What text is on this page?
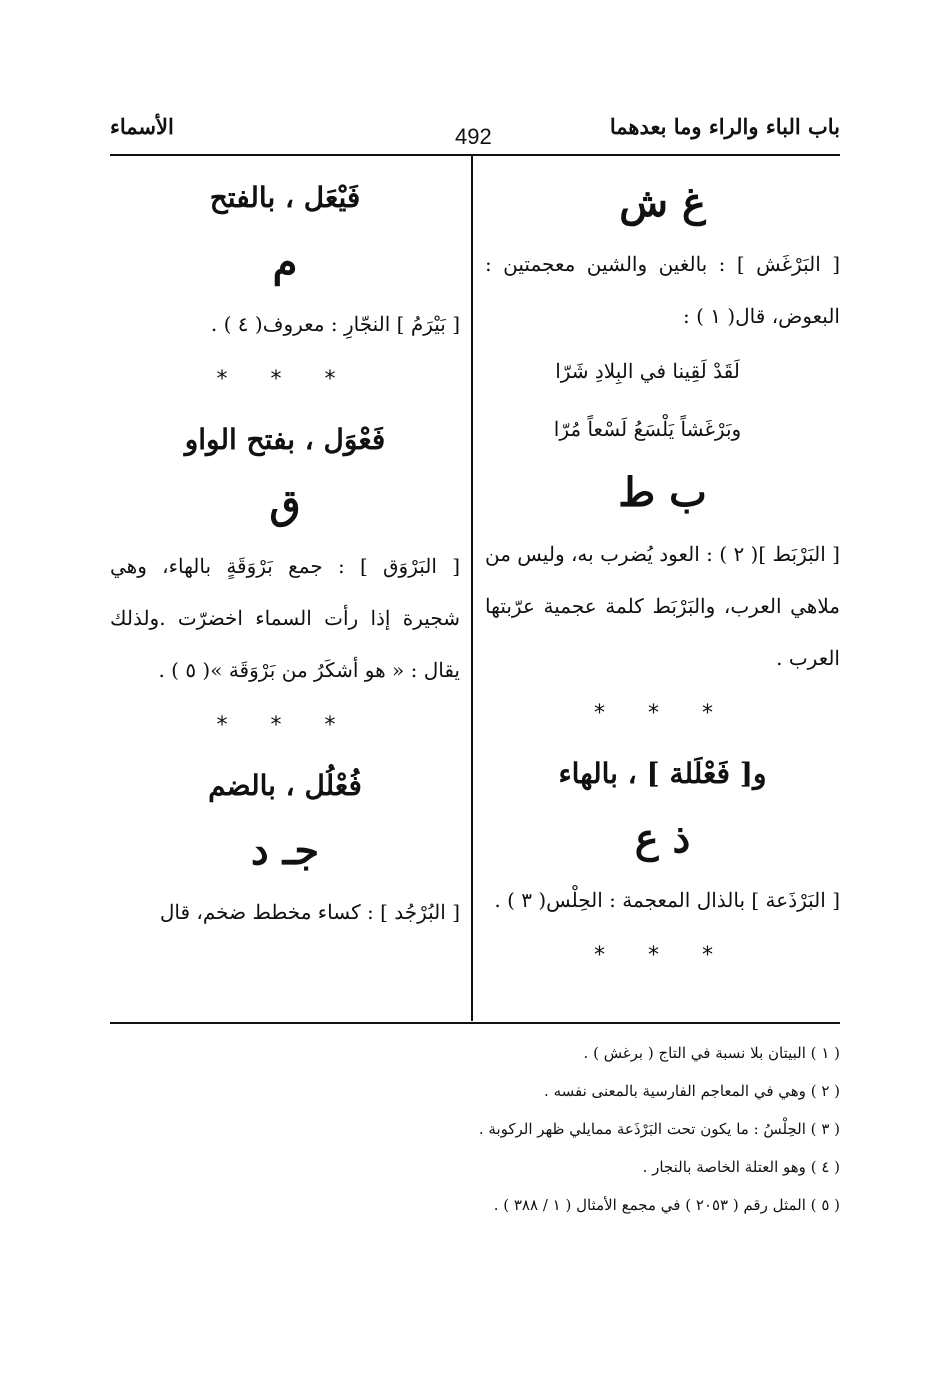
باب الباء والراء وما بعدهما
492
الأسماء
غ ش

[ البَرْغَش ] : بالغين والشين معجمتين : البعوض، قال( ١ ) :

لَقَدْ لَقِينا في البِلادِ شَرّا
وبَرْغَشاً يَلْسَعُ لَسْعاً مُرّا
ب ط

[ البَرْبَط ]( ٢ ) : العود يُضرب به، وليس من ملاهي العرب، والبَرْبَط كلمة عجمية عرّبتها العرب .

* * *
و[ فَعْلَلة ] ، بالهاء
ذ ع

[ البَرْذَعة ] بالذال المعجمة : الحِلْس( ٣ ) .

* * *
فَيْعَل ، بالفتح
م

[ بَيْرَمُ ] النجّارِ : معروف( ٤ ) .

* * *
فَعْوَل ، بفتح الواو
ق

[ البَرْوَق ] : جمع بَرْوَقَةٍ بالهاء، وهي شجيرة إذا رأت السماء اخضرّت .ولذلك يقال : « هو أشكَرُ من بَرْوَقَة »( ٥ ) .

* * *
فُعْلُل ، بالضم
جـ د

[ البُرْجُد ] : كساء مخطط ضخم، قال

( ١ ) البيتان بلا نسبة في التاج ( برغش ) .
( ٢ ) وهي في المعاجم الفارسية بالمعنى نفسه .
( ٣ ) الحِلْسُ : ما يكون تحت البَرْذَعة ممايلي ظهر الركوبة .
( ٤ ) وهو العتلة الخاصة بالنجار .
( ٥ ) المثل رقم ( ٢٠٥٣ ) في مجمع الأمثال ( ١ / ٣٨٨ ) .
